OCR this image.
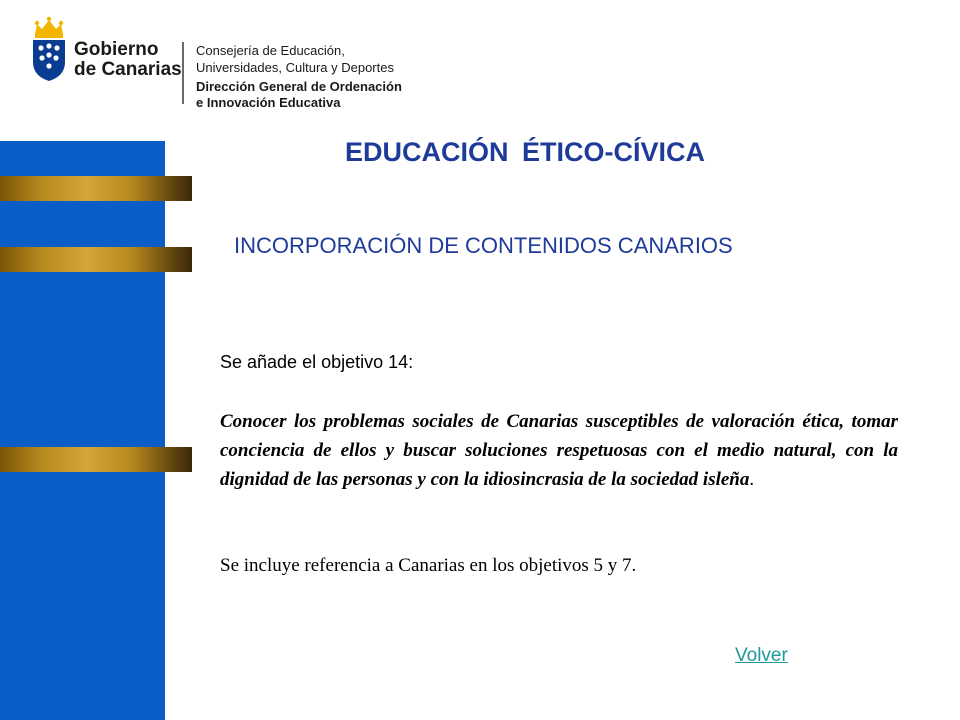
Gobierno
de Canarias
Consejería de Educación,
Universidades, Cultura y Deportes
Dirección General de Ordenación
e Innovación Educativa
EDUCACIÓN ÉTICO-CÍVICA
INCORPORACIÓN DE CONTENIDOS CANARIOS
Se añade el objetivo 14:

Conocer los problemas sociales de Canarias susceptibles de valoración ética, tomar conciencia de ellos y buscar soluciones respetuosas con el medio natural, con la dignidad de las personas y con la idiosincrasia de la sociedad isleña.

Se incluye referencia a Canarias en los objetivos 5 y 7.
Volver
